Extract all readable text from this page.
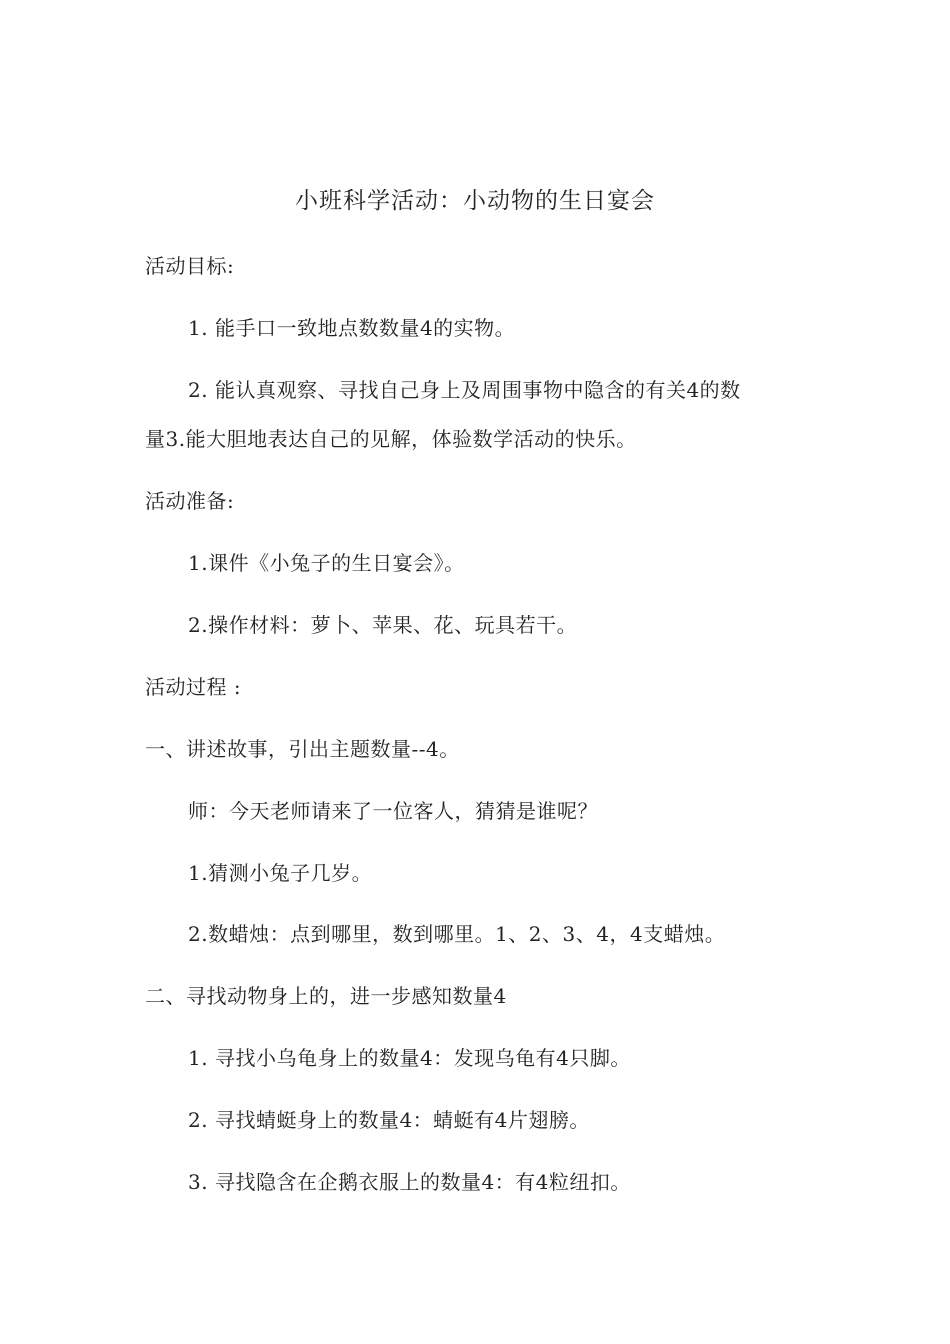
小班科学活动：小动物的生日宴会
活动目标:
1. 能手口一致地点数数量4的实物。
2. 能认真观察、寻找自己身上及周围事物中隐含的有关4的数
量3.能大胆地表达自己的见解，体验数学活动的快乐。
活动准备:
1.课件《小兔子的生日宴会》。
2.操作材料：萝卜、苹果、花、玩具若干。
活动过程 :
一、讲述故事，引出主题数量--4。
师：今天老师请来了一位客人，猜猜是谁呢？
1.猜测小兔子几岁。
2.数蜡烛：点到哪里，数到哪里。1、2、3、4，4支蜡烛。
二、寻找动物身上的，进一步感知数量4
1. 寻找小乌龟身上的数量4：发现乌龟有4只脚。
2. 寻找蜻蜓身上的数量4：蜻蜓有4片翅膀。
3. 寻找隐含在企鹅衣服上的数量4：有4粒纽扣。
